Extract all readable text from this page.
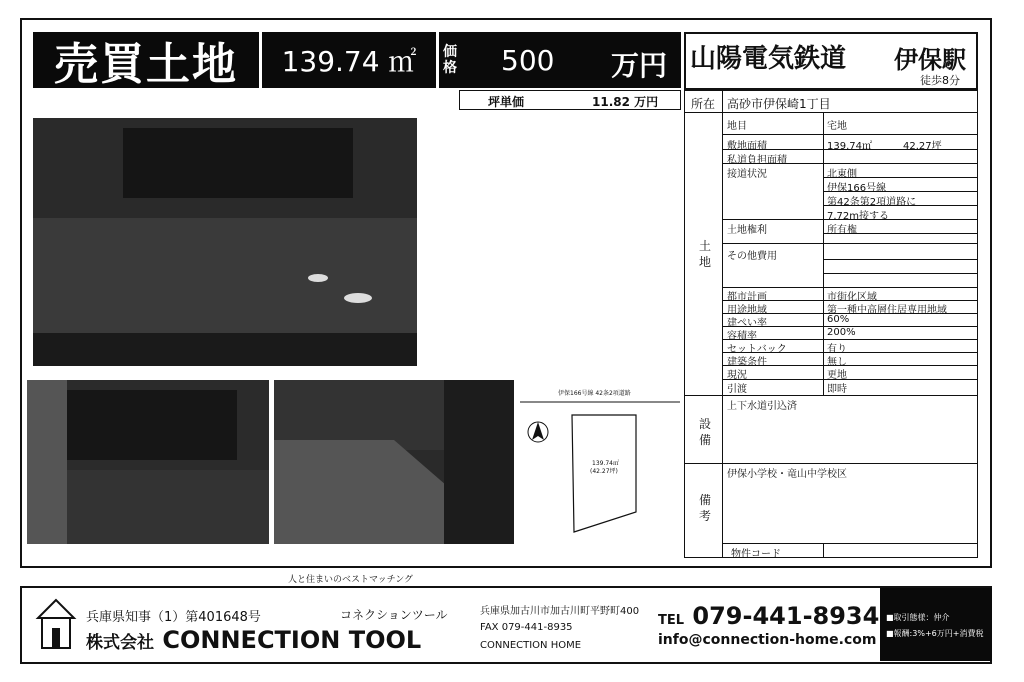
売買土地	139.74 ㎡	価
格 500 万円
坪単価	11.82 万円
山陽電気鉄道 伊保駅
徒歩8分
所在 高砂市伊保崎1丁目
土
地
地目	宅地
敷地面積	139.74㎡	42.27坪
私道負担面積
接道状況	北東側
伊保166号線
第42条第2項道路に
7.72m接する
土地権利	所有権
その他費用
都市計画	市街化区域
用途地域	第一種中高層住居専用地域
建ぺい率	60%
容積率	200%
セットバック	有り
建築条件	無し
現況	更地
引渡	即時
設
備
上下水道引込済
備
考
伊保小学校・竜山中学校区
物件コード
伊保166号線 42条2項道路
139.74㎡
(42.27坪)
人と住まいのベストマッチング
兵庫県知事（1）第401648号	コネクションツール
株式会社 CONNECTION TOOL
兵庫県加古川市加古川町平野町400
FAX 079-441-8935
CONNECTION HOME
TEL 079-441-8934
info@connection-home.com
■取引態様：仲介
■報酬:3%+6万円+消費税
